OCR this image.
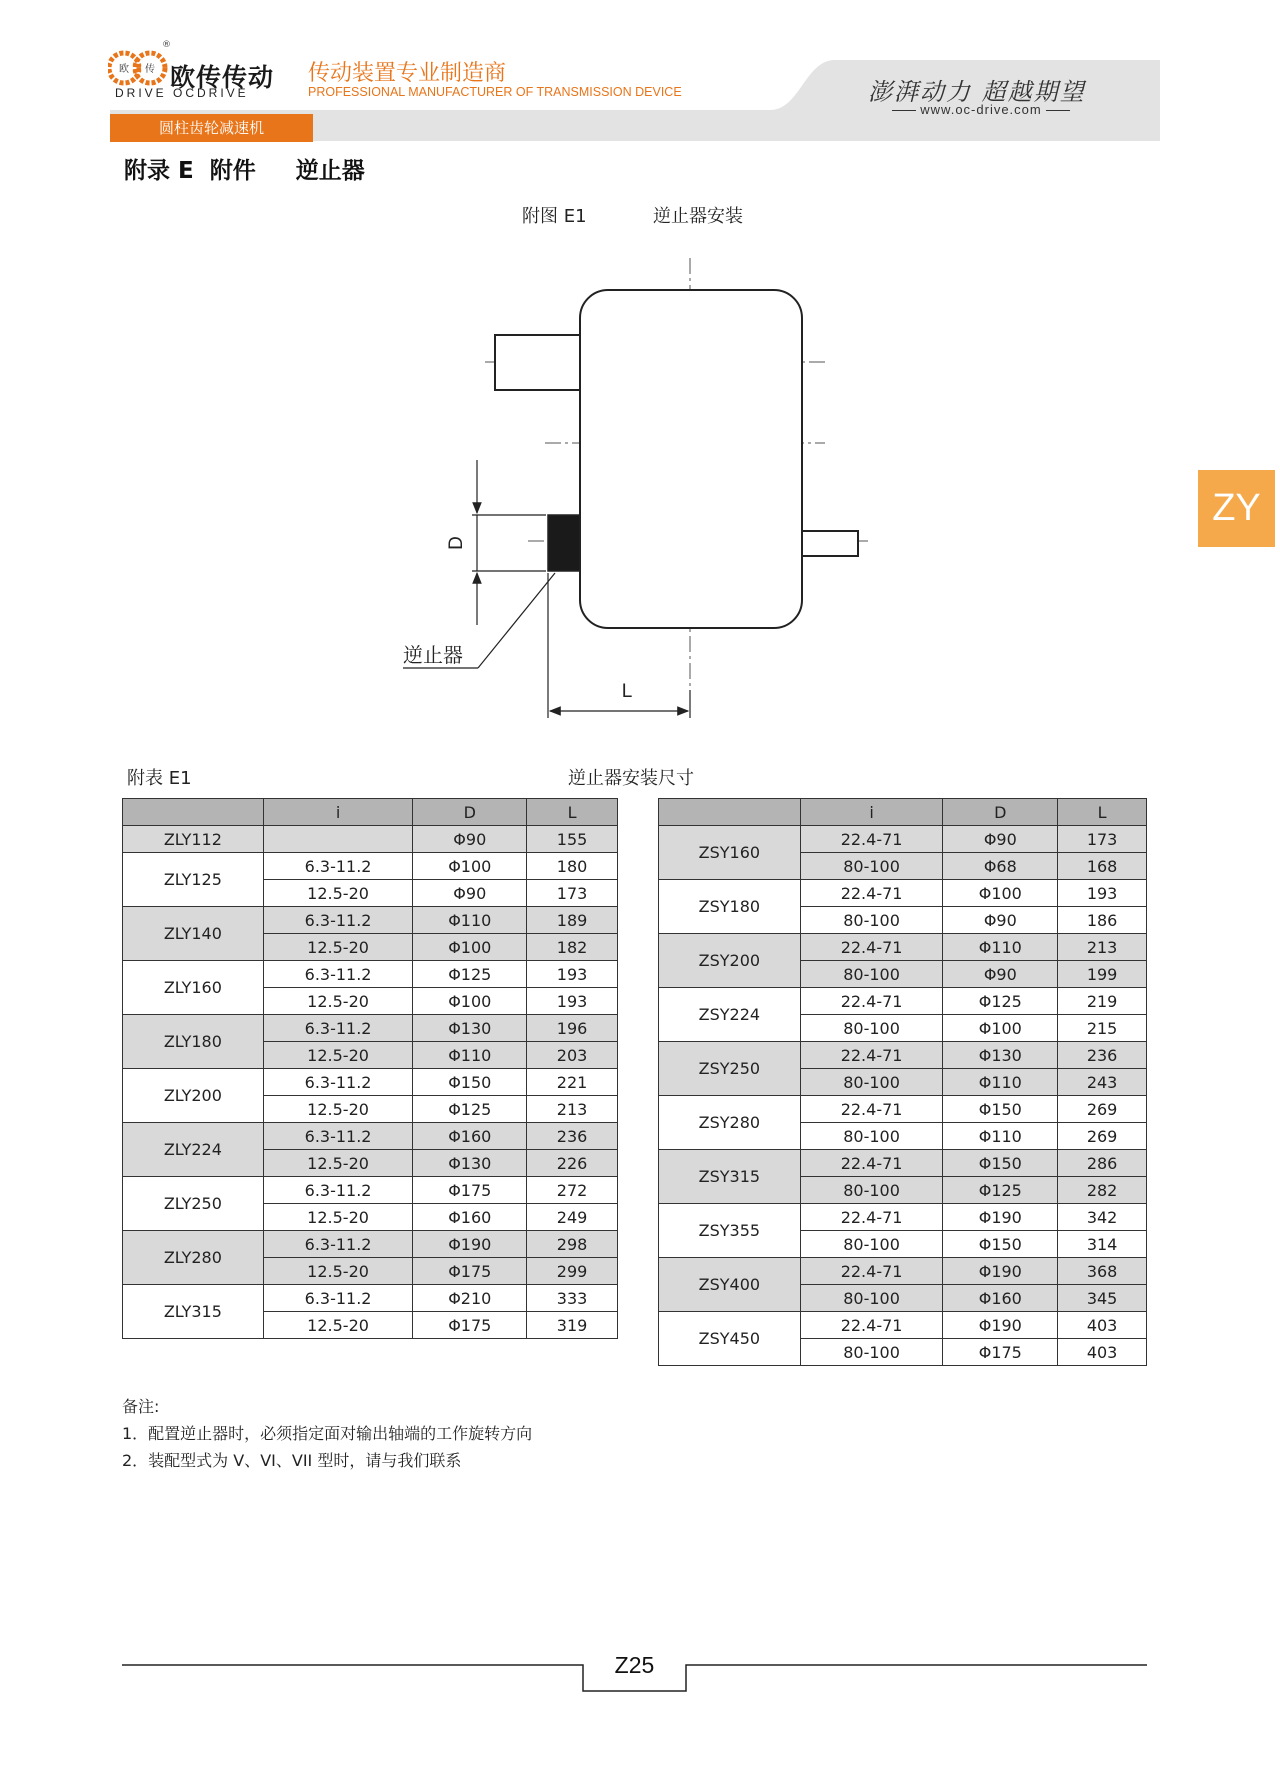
欧 传
®
欧传传动
DRIVE OCDRIVE
传动装置专业制造商
PROFESSIONAL MANUFACTURER OF TRANSMISSION DEVICE	澎湃动力 超越期望
www.oc-drive.com
圆柱齿轮减速机
附录 E  附件     逆止器
ZY
附图 E1	逆止器安装
D
逆止器
L
附表 E1	逆止器安装尺寸
	i	D	L
ZLY112		Φ90	155
ZLY125	6.3-11.2	Φ100	180
	12.5-20	Φ90	173
ZLY140	6.3-11.2	Φ110	189
	12.5-20	Φ100	182
ZLY160	6.3-11.2	Φ125	193
	12.5-20	Φ100	193
ZLY180	6.3-11.2	Φ130	196
	12.5-20	Φ110	203
ZLY200	6.3-11.2	Φ150	221
	12.5-20	Φ125	213
ZLY224	6.3-11.2	Φ160	236
	12.5-20	Φ130	226
ZLY250	6.3-11.2	Φ175	272
	12.5-20	Φ160	249
ZLY280	6.3-11.2	Φ190	298
	12.5-20	Φ175	299
ZLY315	6.3-11.2	Φ210	333
	12.5-20	Φ175	319
	i	D	L
ZSY160	22.4-71	Φ90	173
	80-100	Φ68	168
ZSY180	22.4-71	Φ100	193
	80-100	Φ90	186
ZSY200	22.4-71	Φ110	213
	80-100	Φ90	199
ZSY224	22.4-71	Φ125	219
	80-100	Φ100	215
ZSY250	22.4-71	Φ130	236
	80-100	Φ110	243
ZSY280	22.4-71	Φ150	269
	80-100	Φ110	269
ZSY315	22.4-71	Φ150	286
	80-100	Φ125	282
ZSY355	22.4-71	Φ190	342
	80-100	Φ150	314
ZSY400	22.4-71	Φ190	368
	80-100	Φ160	345
ZSY450	22.4-71	Φ190	403
	80-100	Φ175	403
备注:
1．配置逆止器时，必须指定面对输出轴端的工作旋转方向
2．装配型式为 V、VI、VII 型时，请与我们联系
Z25
